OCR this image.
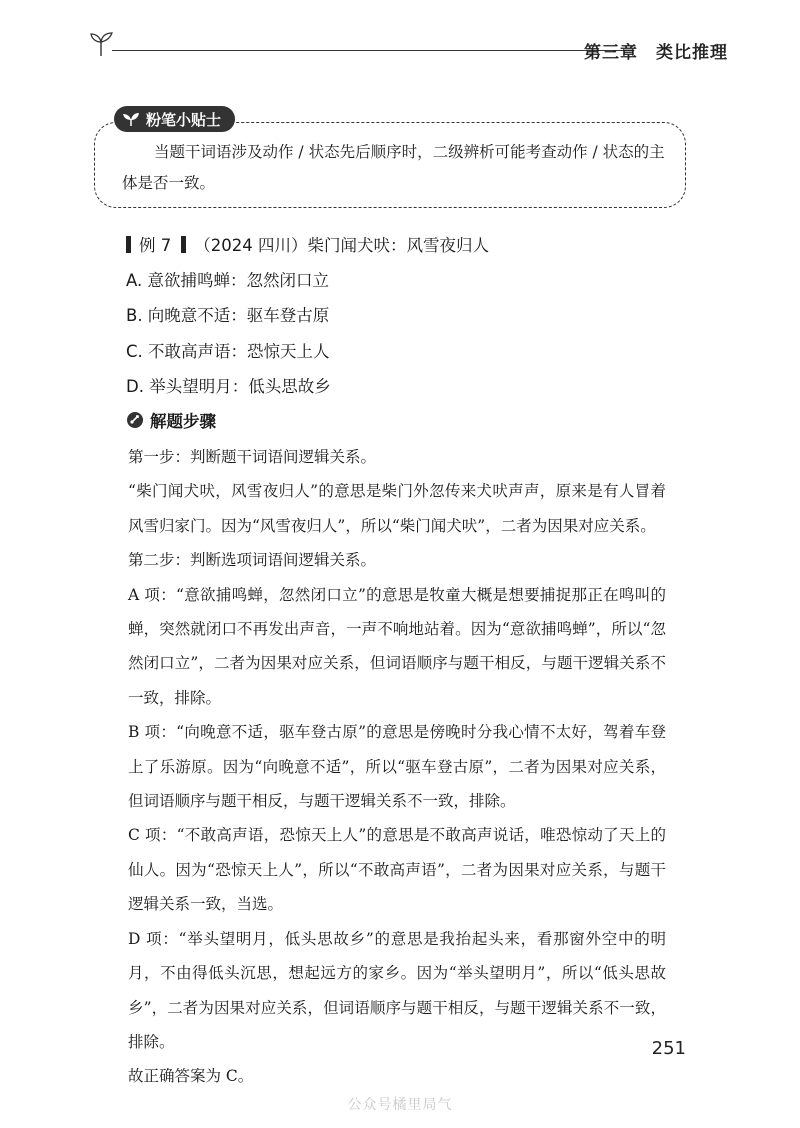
第三章 类比推理
粉笔小贴士
当题干词语涉及动作 / 状态先后顺序时，二级辨析可能考查动作 / 状态的主体是否一致。
例 7 （2024 四川）柴门闻犬吠：风雪夜归人
A. 意欲捕鸣蝉：忽然闭口立
B. 向晚意不适：驱车登古原
C. 不敢高声语：恐惊天上人
D. 举头望明月：低头思故乡
解题步骤

第一步：判断题干词语间逻辑关系。

“柴门闻犬吠，风雪夜归人”的意思是柴门外忽传来犬吠声声，原来是有人冒着风雪归家门。因为“风雪夜归人”，所以“柴门闻犬吠”，二者为因果对应关系。

第二步：判断选项词语间逻辑关系。

A 项：“意欲捕鸣蝉，忽然闭口立”的意思是牧童大概是想要捕捉那正在鸣叫的蝉，突然就闭口不再发出声音，一声不响地站着。因为“意欲捕鸣蝉”，所以“忽然闭口立”，二者为因果对应关系，但词语顺序与题干相反，与题干逻辑关系不一致，排除。

B 项：“向晚意不适，驱车登古原”的意思是傍晚时分我心情不太好，驾着车登上了乐游原。因为“向晚意不适”，所以“驱车登古原”，二者为因果对应关系，但词语顺序与题干相反，与题干逻辑关系不一致，排除。

C 项：“不敢高声语，恐惊天上人”的意思是不敢高声说话，唯恐惊动了天上的仙人。因为“恐惊天上人”，所以“不敢高声语”，二者为因果对应关系，与题干逻辑关系一致，当选。

D 项：“举头望明月，低头思故乡”的意思是我抬起头来，看那窗外空中的明月，不由得低头沉思，想起远方的家乡。因为“举头望明月”，所以“低头思故乡”，二者为因果对应关系，但词语顺序与题干相反，与题干逻辑关系不一致，排除。

故正确答案为 C。

251
公众号橘里局气
